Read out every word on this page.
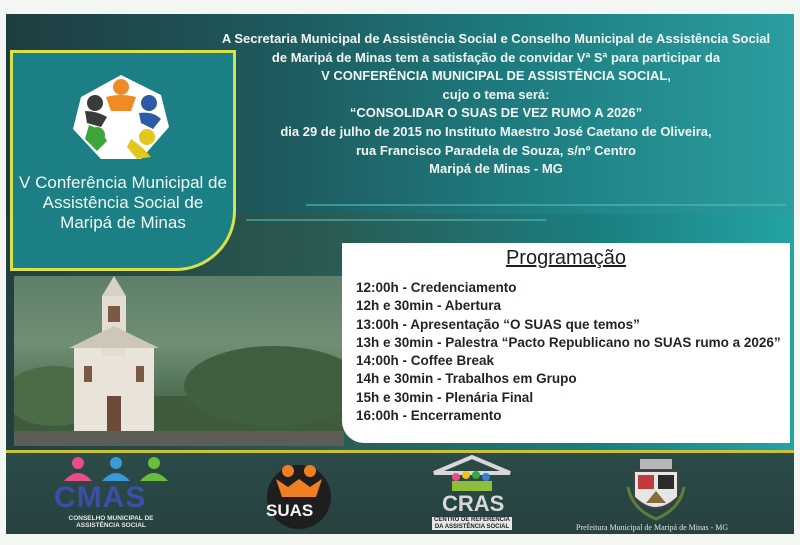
A Secretaria Municipal de Assistência Social e Conselho Municipal de Assistência Social
de Maripá de Minas tem a satisfação de convidar Vª Sª para participar da
V CONFERÊNCIA MUNICIPAL DE ASSISTÊNCIA SOCIAL,
cujo o tema será:
“CONSOLIDAR O SUAS DE VEZ RUMO A 2026”
dia 29 de julho de 2015 no Instituto Maestro José Caetano de Oliveira,
rua Francisco Paradela de Souza, s/nº Centro
Maripá de Minas - MG
V Conferência Municipal de
Assistência Social de
Maripá de Minas
Programação
12:00h - Credenciamento
12h e 30min - Abertura
13:00h - Apresentação “O SUAS que temos”
13h e 30min - Palestra “Pacto Republicano no SUAS rumo a 2026”
14:00h - Coffee Break
14h e 30min - Trabalhos em Grupo
15h e 30min - Plenária Final
16:00h - Encerramento
CMAS
CONSELHO MUNICIPAL DE
ASSISTÊNCIA SOCIAL
SUAS	CRAS
CENTRO DE REFERÊNCIA
DA ASSISTÊNCIA SOCIAL	Prefeitura Municipal de Maripá de Minas - MG
